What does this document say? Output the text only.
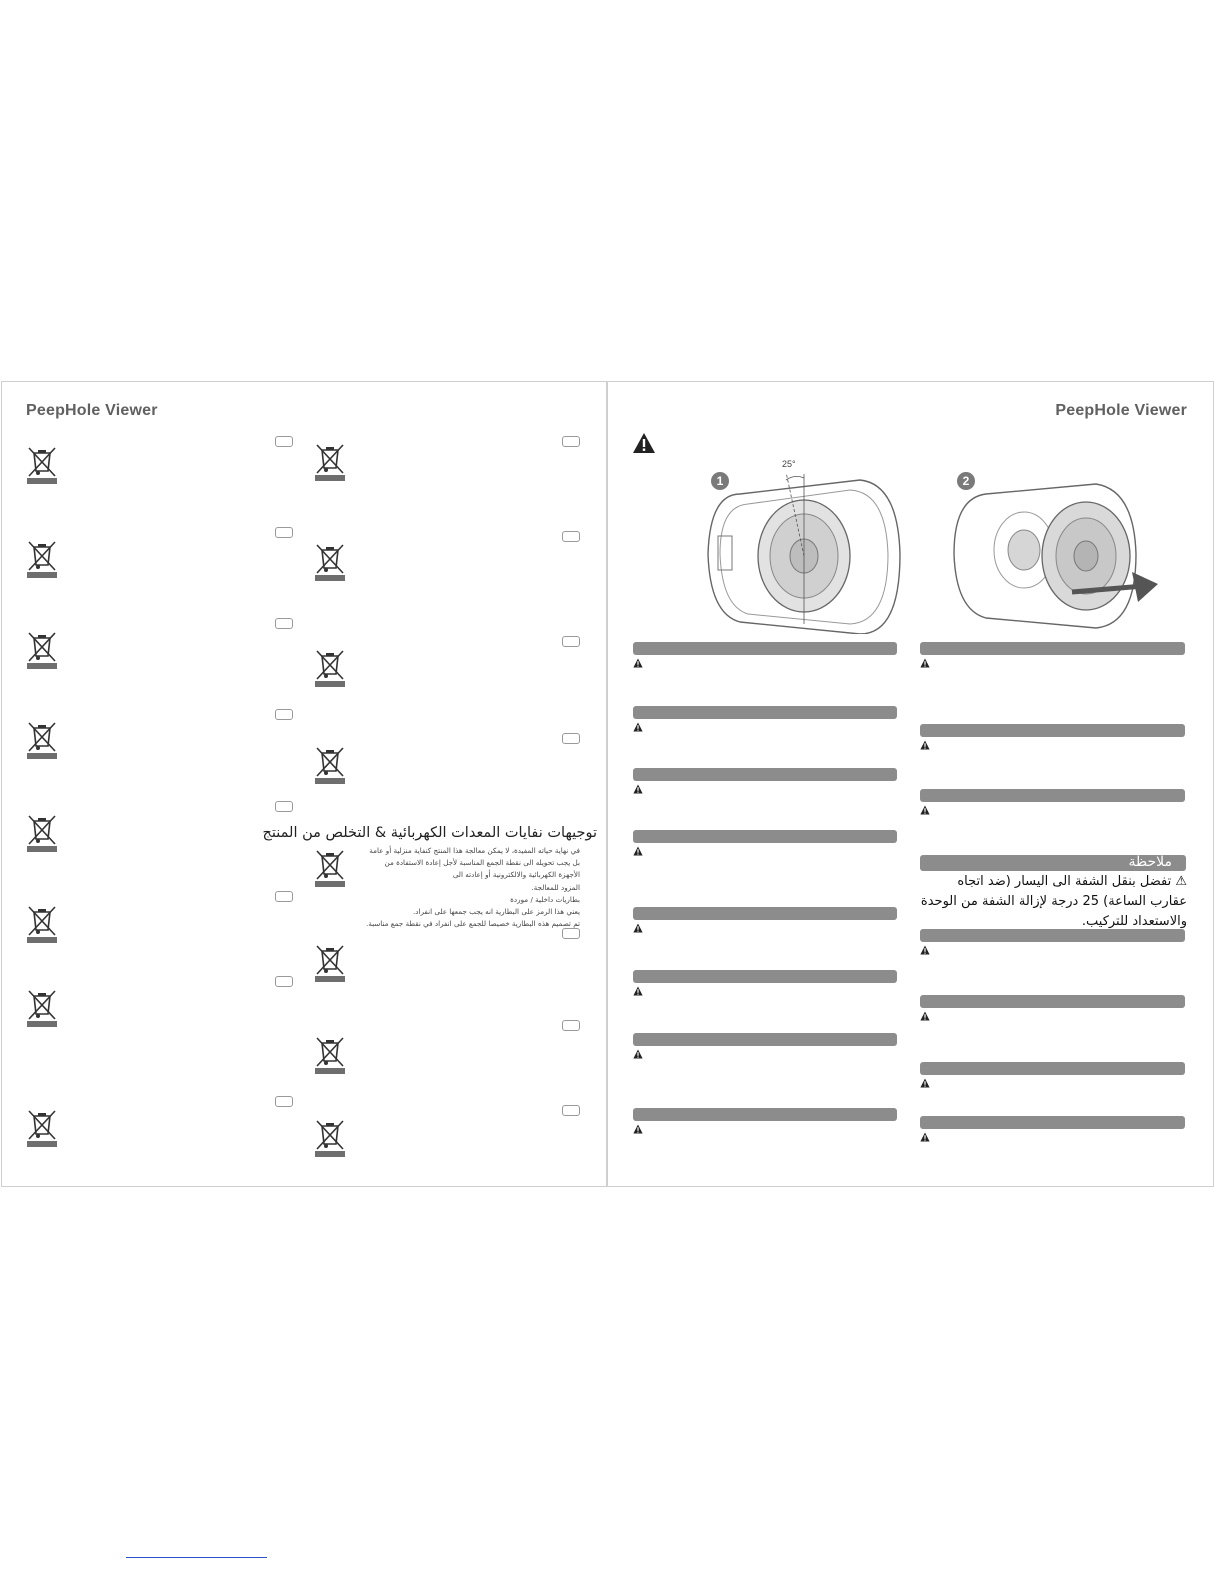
PeepHole Viewer
توجيهات نفايات المعدات الكهربائية & التخلص من المنتج
في نهاية حياته المفيدة، لا يمكن معالجة هذا المنتج كنفاية منزلية أو عامة
بل يجب تحويله الى نقطة الجمع المناسبة لأجل إعادة الاستفادة من
الأجهزة الكهربائية والالكترونية أو إعادته الى
المزود للمعالجة.
بطاريات داخلية / موردة
يعني هذا الرمز على البطارية انه يجب جمعها على انفراد.
تم تصميم هذه البطارية خصيصا للجمع على انفراد في نقطة جمع مناسبة.
PeepHole Viewer
1
25°
2
ملاحظة
⚠ تفضل بنقل الشفة الى اليسار (ضد اتجاه
عقارب الساعة) 25 درجة لإزالة الشفة من الوحدة
والاستعداد للتركيب.
